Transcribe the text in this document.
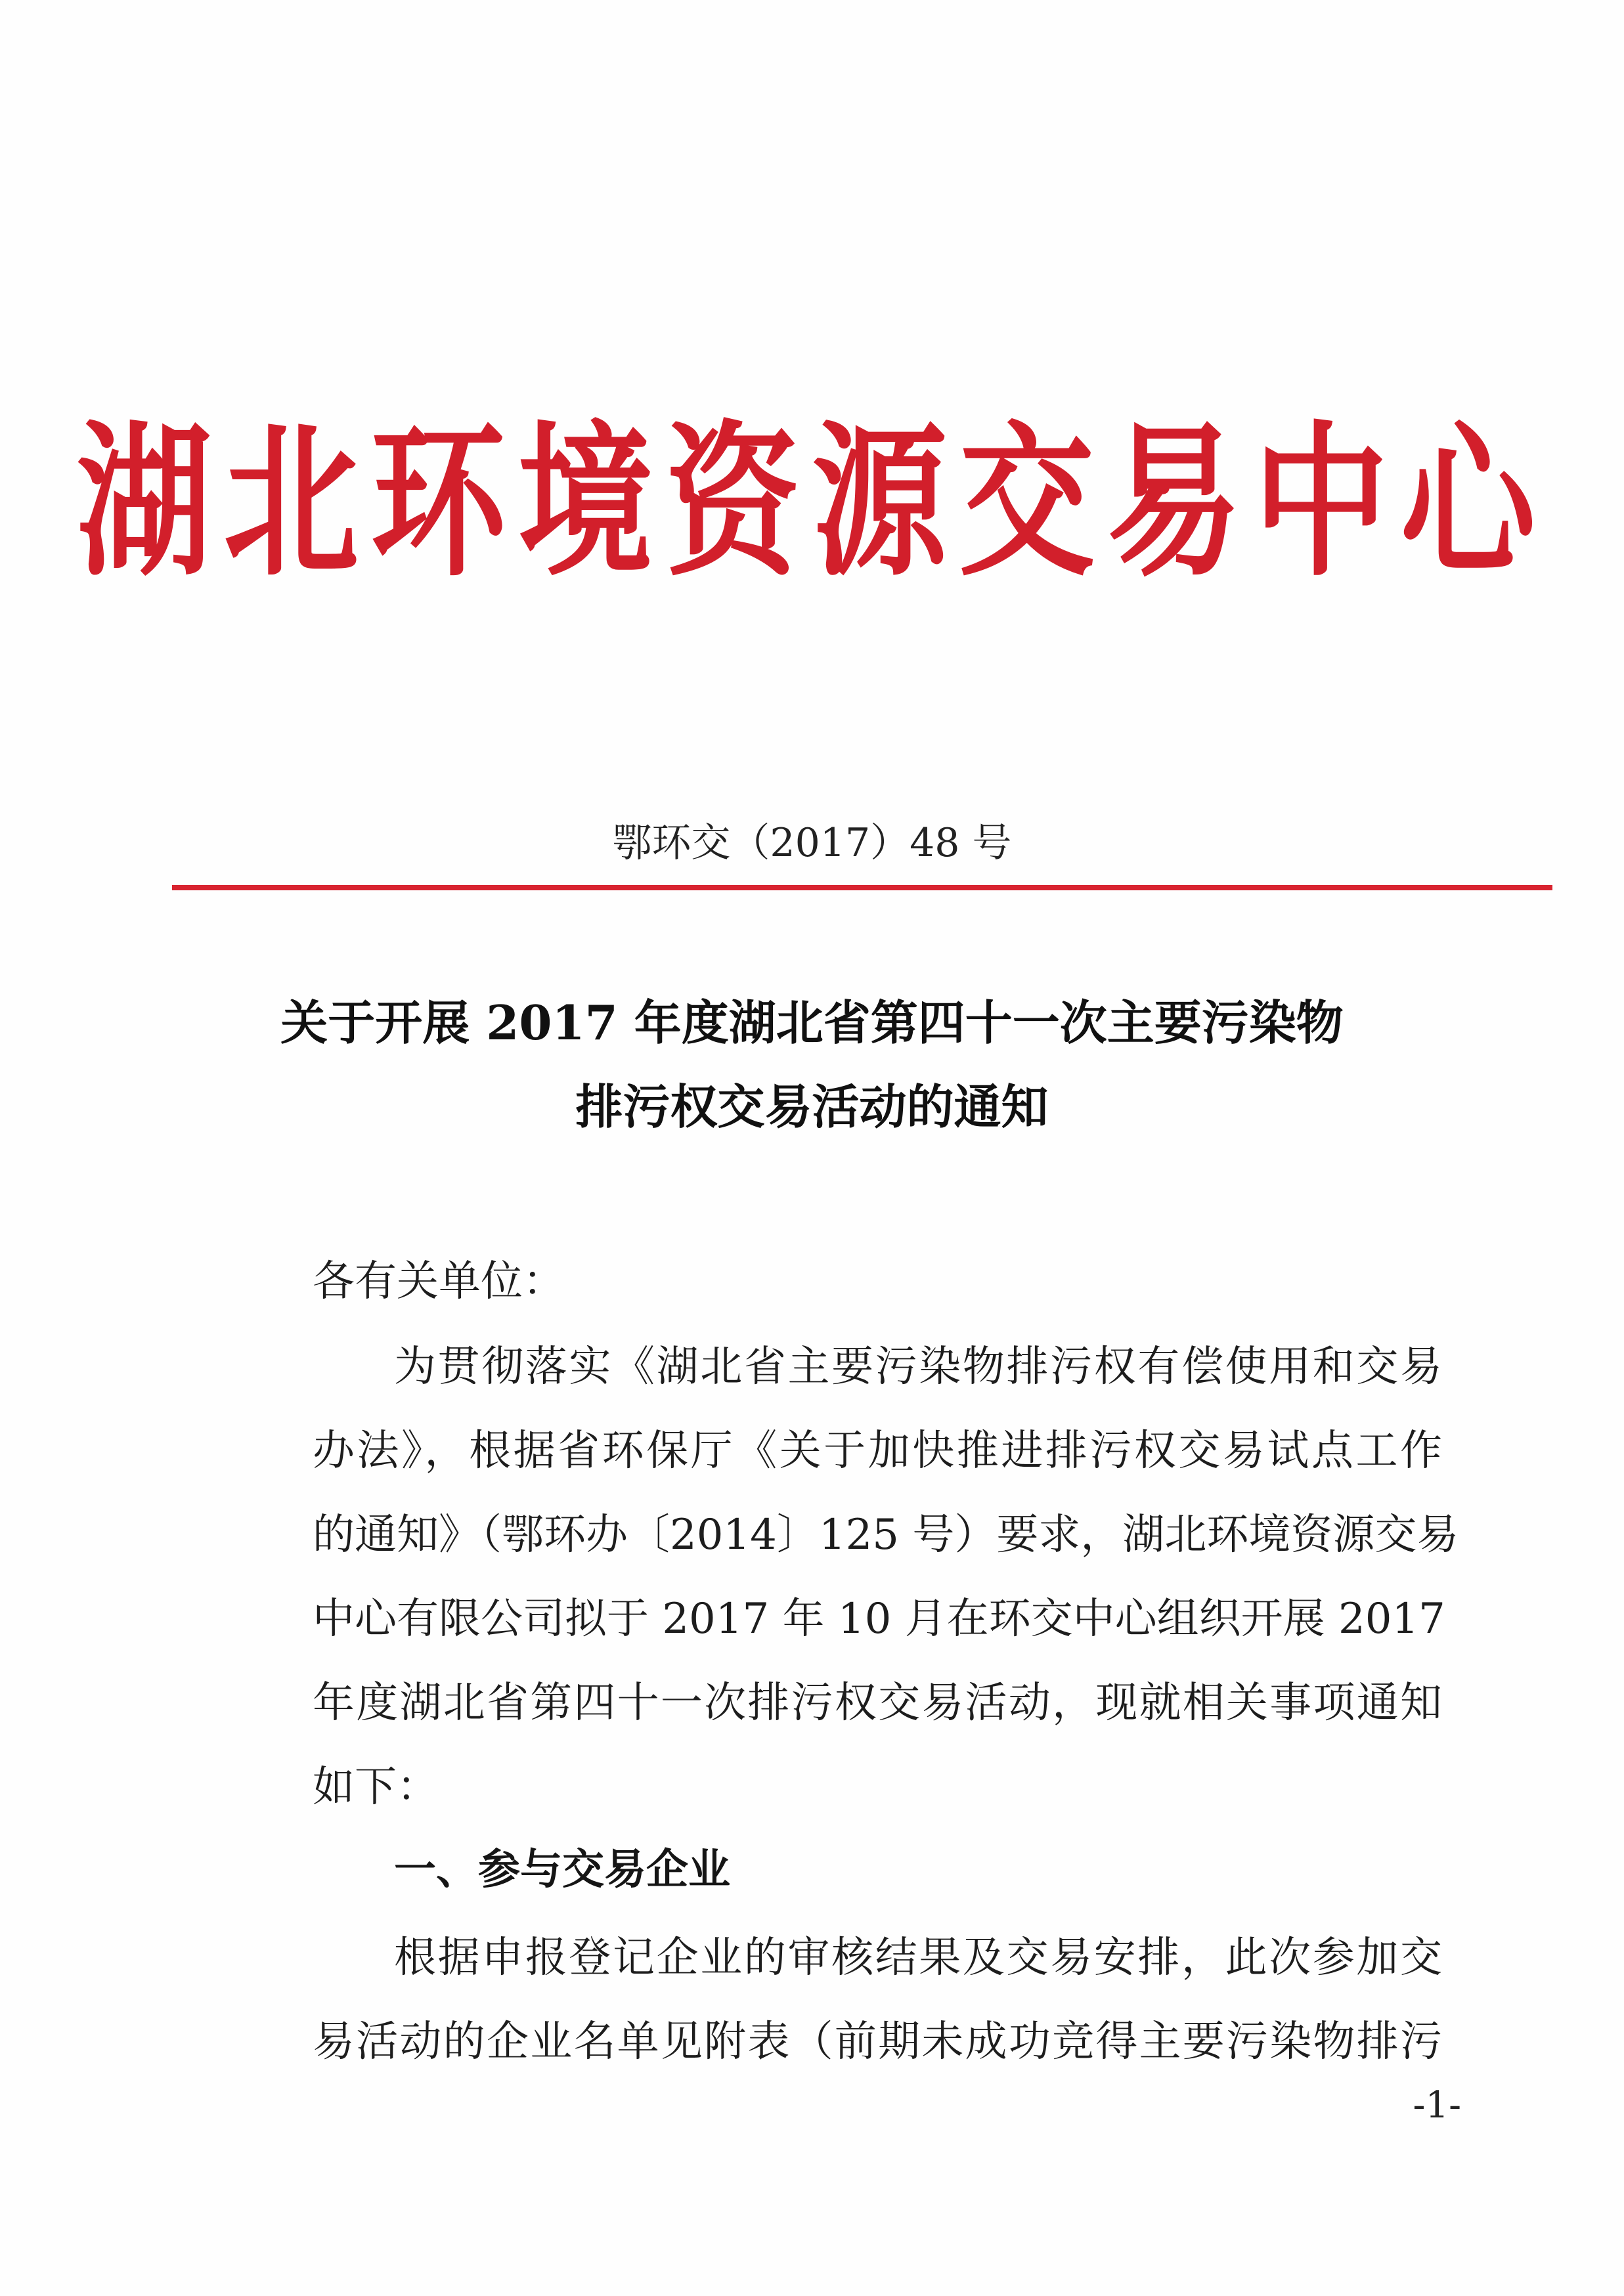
湖北环境资源交易中心
鄂环交（2017）48 号
关于开展 2017 年度湖北省第四十一次主要污染物
排污权交易活动的通知
各有关单位：
为贯彻落实《湖北省主要污染物排污权有偿使用和交易
办法》，根据省环保厅《关于加快推进排污权交易试点工作
的通知》（鄂环办〔2014〕125 号）要求，湖北环境资源交易
中心有限公司拟于 2017 年 10 月在环交中心组织开展 2017
年度湖北省第四十一次排污权交易活动，现就相关事项通知
如下：
一、参与交易企业
根据申报登记企业的审核结果及交易安排，此次参加交
易活动的企业名单见附表（前期未成功竞得主要污染物排污
-1-
